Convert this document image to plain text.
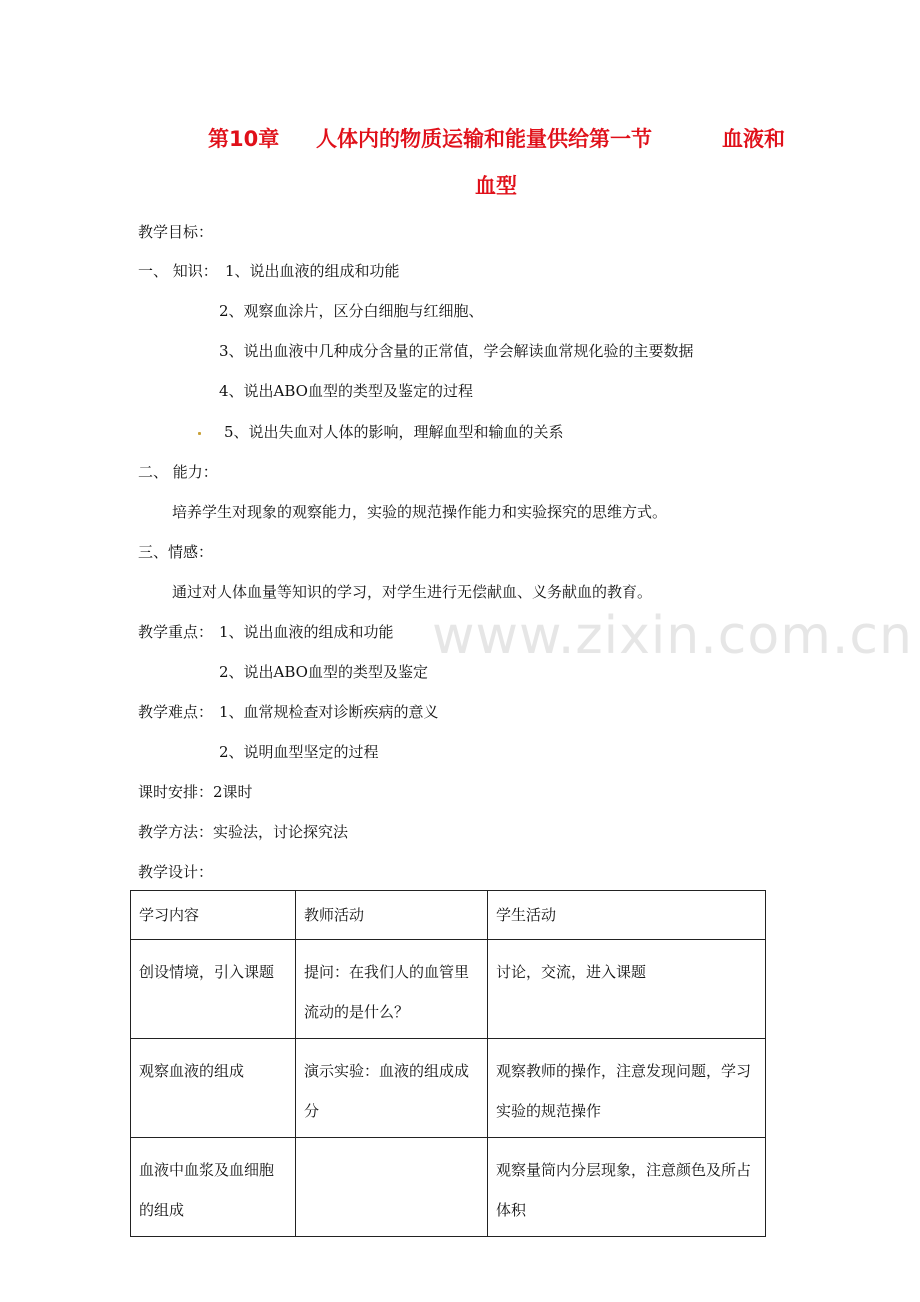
www.zixin.com.cn
第10章 人体内的物质运输和能量供给第一节	血液和
血型
教学目标：
一、 知识： 1、说出血液的组成和功能
2、观察血涂片，区分白细胞与红细胞、
3、说出血液中几种成分含量的正常值，学会解读血常规化验的主要数据
4、说出ABO血型的类型及鉴定的过程
5、说出失血对人体的影响，理解血型和输血的关系
二、 能力：
培养学生对现象的观察能力，实验的规范操作能力和实验探究的思维方式。
三、情感：
通过对人体血量等知识的学习，对学生进行无偿献血、义务献血的教育。
教学重点： 1、说出血液的组成和功能
2、说出ABO血型的类型及鉴定
教学难点： 1、血常规检查对诊断疾病的意义
2、说明血型坚定的过程
课时安排：2课时
教学方法：实验法，讨论探究法
教学设计：
学习内容	教师活动	学生活动
创设情境，引入课题	提问：在我们人的血管里流动的是什么？	讨论，交流，进入课题
观察血液的组成	演示实验：血液的组成成分	观察教师的操作，注意发现问题，学习实验的规范操作
血液中血浆及血细胞的组成		观察量筒内分层现象，注意颜色及所占体积
